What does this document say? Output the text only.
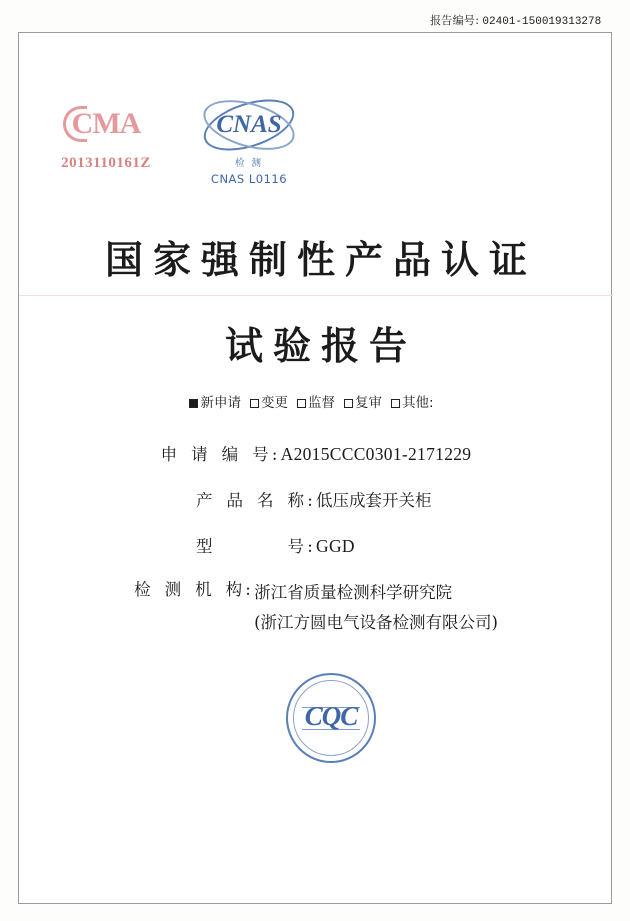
报告编号: 02401-150019313278
CMA
2013110161Z
CNAS
检 测
CNAS L0116
国家强制性产品认证
试验报告
新申请 变更 监督 复审 其他:
申请编号 : A2015CCC0301-2171229
产品名称 : 低压成套开关柜
型　　号 : GGD
检测机构 : 浙江省质量检测科学研究院
(浙江方圆电气设备检测有限公司)
CQC
